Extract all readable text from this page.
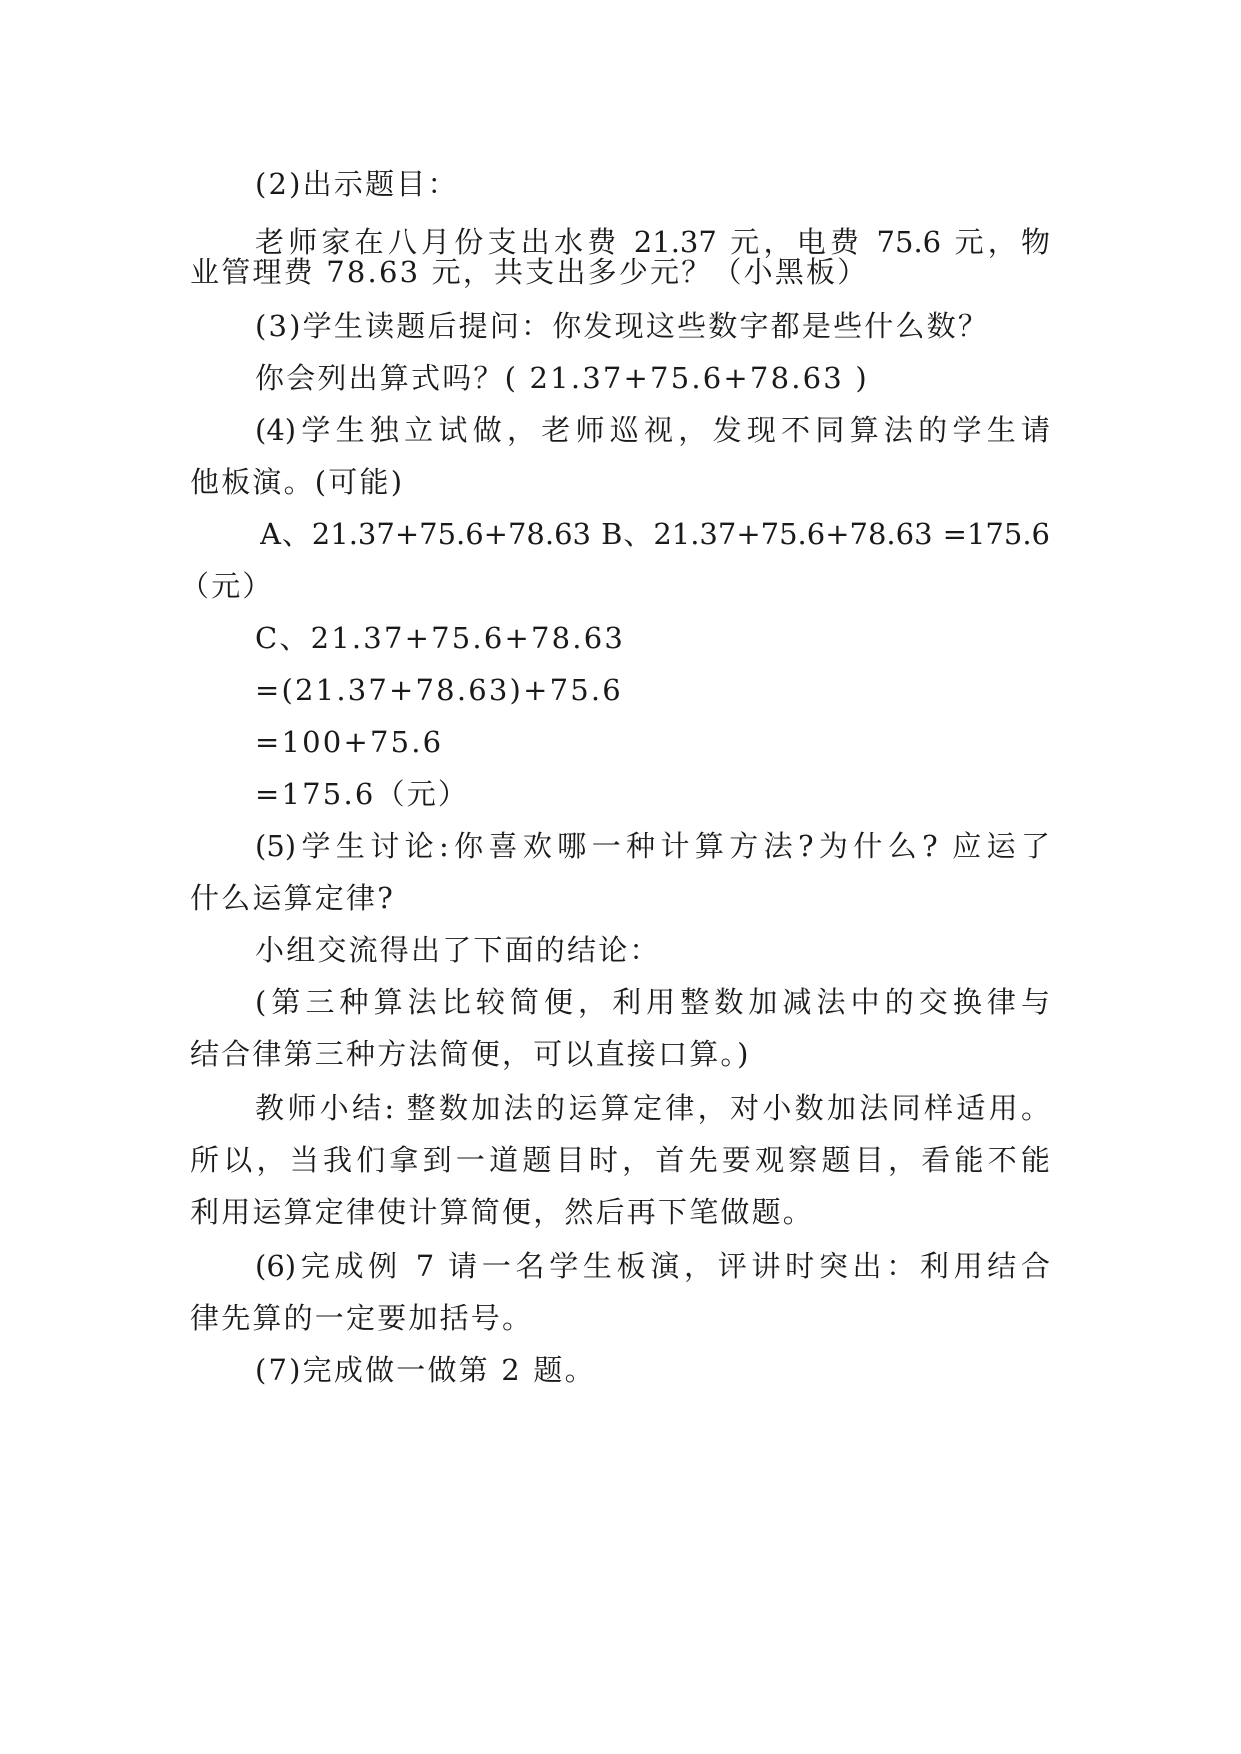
(2)出示题目：
老师家在八月份支出水费 21.37 元，电费 75.6 元，物
业管理费 78.63 元，共支出多少元？（小黑板）
(3)学生读题后提问：你发现这些数字都是些什么数？
你会列出算式吗？( 21.37+75.6+78.63 )
(4)学生独立试做，老师巡视，发现不同算法的学生请
他板演。(可能)
A、21.37+75.6+78.63 B、21.37+75.6+78.63 =175.6
（元）
C、21.37+75.6+78.63
=(21.37+78.63)+75.6
=100+75.6
=175.6（元）
(5)学生讨论:你喜欢哪一种计算方法?为什么? 应运了
什么运算定律?
小组交流得出了下面的结论：
(第三种算法比较简便，利用整数加减法中的交换律与
结合律第三种方法简便，可以直接口算。)
教师小结: 整数加法的运算定律，对小数加法同样适用。
所以，当我们拿到一道题目时，首先要观察题目，看能不能
利用运算定律使计算简便，然后再下笔做题。
(6)完成例 7 请一名学生板演，评讲时突出：利用结合
律先算的一定要加括号。
(7)完成做一做第 2 题。
